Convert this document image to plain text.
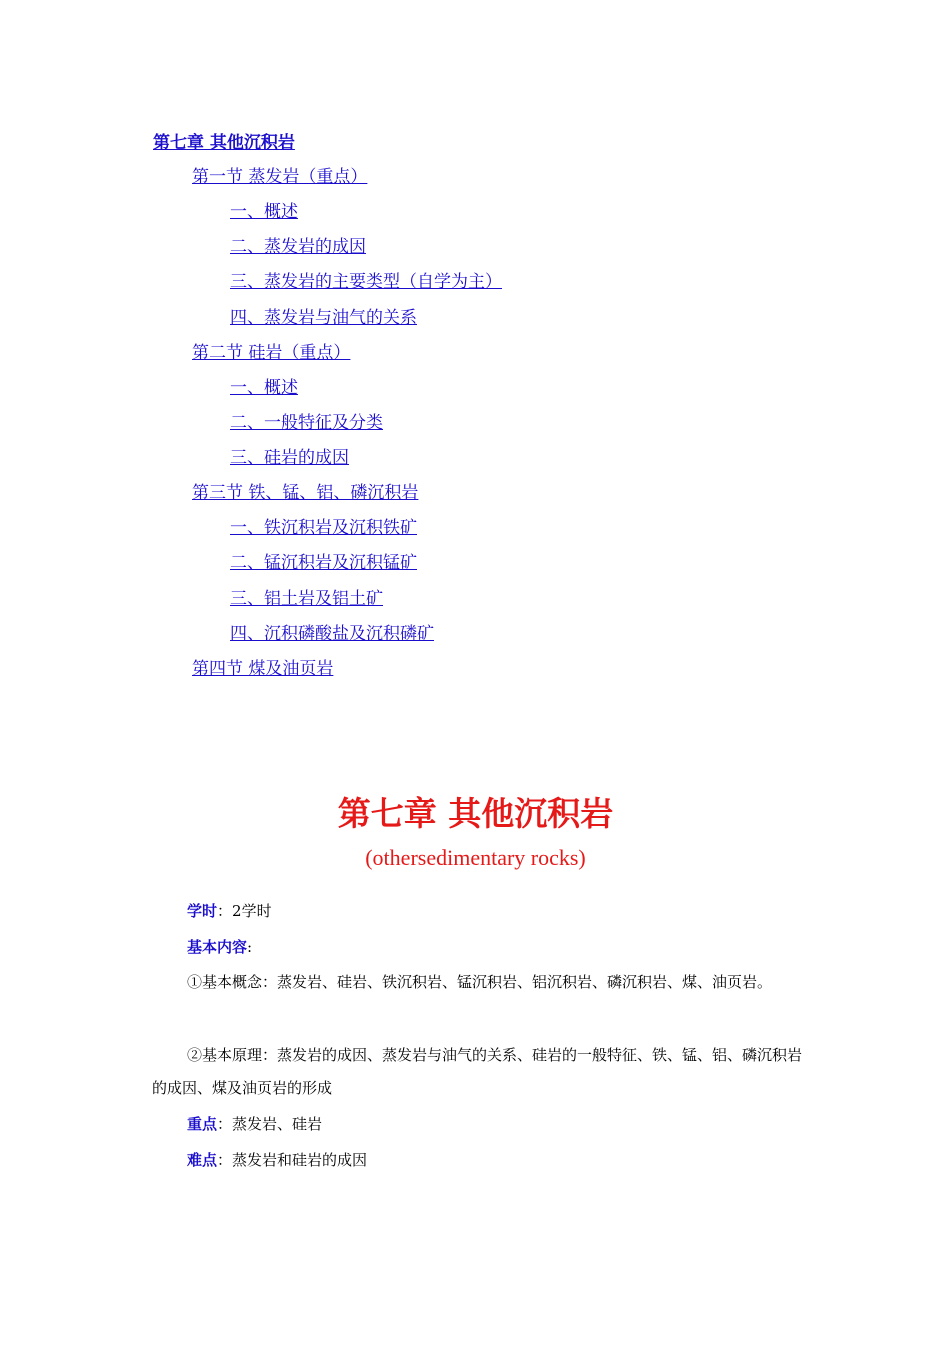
第七章 其他沉积岩
第一节 蒸发岩（重点）
一、概述
二、蒸发岩的成因
三、蒸发岩的主要类型（自学为主）
四、蒸发岩与油气的关系
第二节 硅岩（重点）
一、概述
二、一般特征及分类
三、硅岩的成因
第三节 铁、锰、铝、磷沉积岩
一、铁沉积岩及沉积铁矿
二、锰沉积岩及沉积锰矿
三、铝土岩及铝土矿
四、沉积磷酸盐及沉积磷矿
第四节 煤及油页岩
第七章 其他沉积岩
(othersedimentary rocks)
学时：2学时
基本内容:
①基本概念：蒸发岩、硅岩、铁沉积岩、锰沉积岩、铝沉积岩、磷沉积岩、煤、油页岩。
②基本原理：蒸发岩的成因、蒸发岩与油气的关系、硅岩的一般特征、铁、锰、铝、磷沉积岩的成因、煤及油页岩的形成
重点：蒸发岩、硅岩
难点：蒸发岩和硅岩的成因
